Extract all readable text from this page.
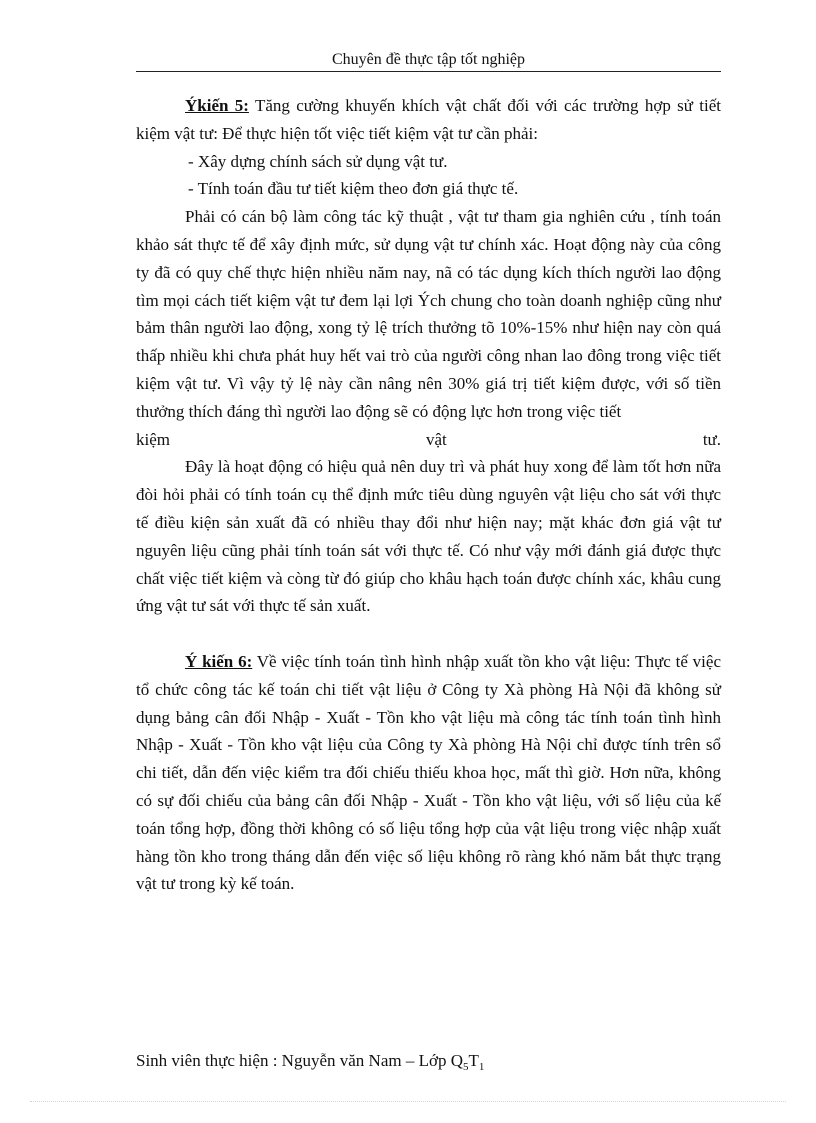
Chuyên đề thực tập tốt nghiệp

Ýkiến 5: Tăng cường khuyến khích vật chất đối với các trường hợp sử tiết kiệm vật tư: Để thực hiện tốt việc tiết kiệm vật tư cần phải:

- Xây dựng chính sách sử dụng vật tư.

- Tính toán đầu tư tiết kiệm theo đơn giá thực tế.

Phải có cán bộ làm công tác kỹ thuật , vật tư tham gia nghiên cứu , tính toán khảo sát thực tế để xây định mức, sử dụng vật tư chính xác. Hoạt động này của công ty đã có quy chế thực hiện nhiều năm nay, nã có tác dụng kích thích người lao động tìm mọi cách tiết kiệm vật tư đem lại lợi Ých chung cho toàn doanh nghiệp cũng như bảm thân người lao động, xong tỷ lệ trích thưởng tõ 10%-15% như hiện nay còn quá thấp nhiều khi chưa phát huy hết vai trò của người công nhan lao đông trong việc tiết kiệm vật tư. Vì vậy tỷ lệ này cần nâng nên 30% giá trị tiết kiệm được, với số tiền thưởng thích đáng thì người lao động sẽ có động lực hơn trong việc tiết

kiệm	vật	tư.

Đây là hoạt động có hiệu quả nên duy trì và phát huy xong để làm tốt hơn nữa đòi hỏi phải có tính toán cụ thể định mức tiêu dùng nguyên vật liệu cho sát với thực tế điều kiện sản xuất đã có nhiều thay đổi như hiện nay; mặt khác đơn giá vật tư nguyên liệu cũng phải tính toán sát với thực tế. Có như vậy mới đánh giá được thực chất việc tiết kiệm và còng từ đó giúp cho khâu hạch toán được chính xác, khâu cung ứng vật tư sát với thực tế sản xuất.

Ý kiến 6: Về việc tính toán tình hình nhập xuất tồn kho vật liệu: Thực tế việc tổ chức công tác kế toán chi tiết vật liệu ở Công ty Xà phòng Hà Nội đã không sử dụng bảng cân đối Nhập - Xuất - Tồn kho vật liệu mà công tác tính toán tình hình Nhập - Xuất - Tồn kho vật liệu của Công ty Xà phòng Hà Nội chỉ được tính trên sổ chi tiết, dẫn đến việc kiểm tra đối chiếu thiếu khoa học, mất thì giờ. Hơn nữa, không có sự đối chiếu của bảng cân đối Nhập - Xuất - Tồn kho vật liệu, với số liệu của kế toán tổng hợp, đồng thời không có số liệu tổng hợp của vật liệu trong việc nhập xuất hàng tồn kho trong tháng dẫn đến việc số liệu không rõ ràng khó năm bắt thực trạng vật tư trong kỳ kế toán.

Sinh viên thực hiện : Nguyễn văn Nam – Lớp $Q_5T_1$
